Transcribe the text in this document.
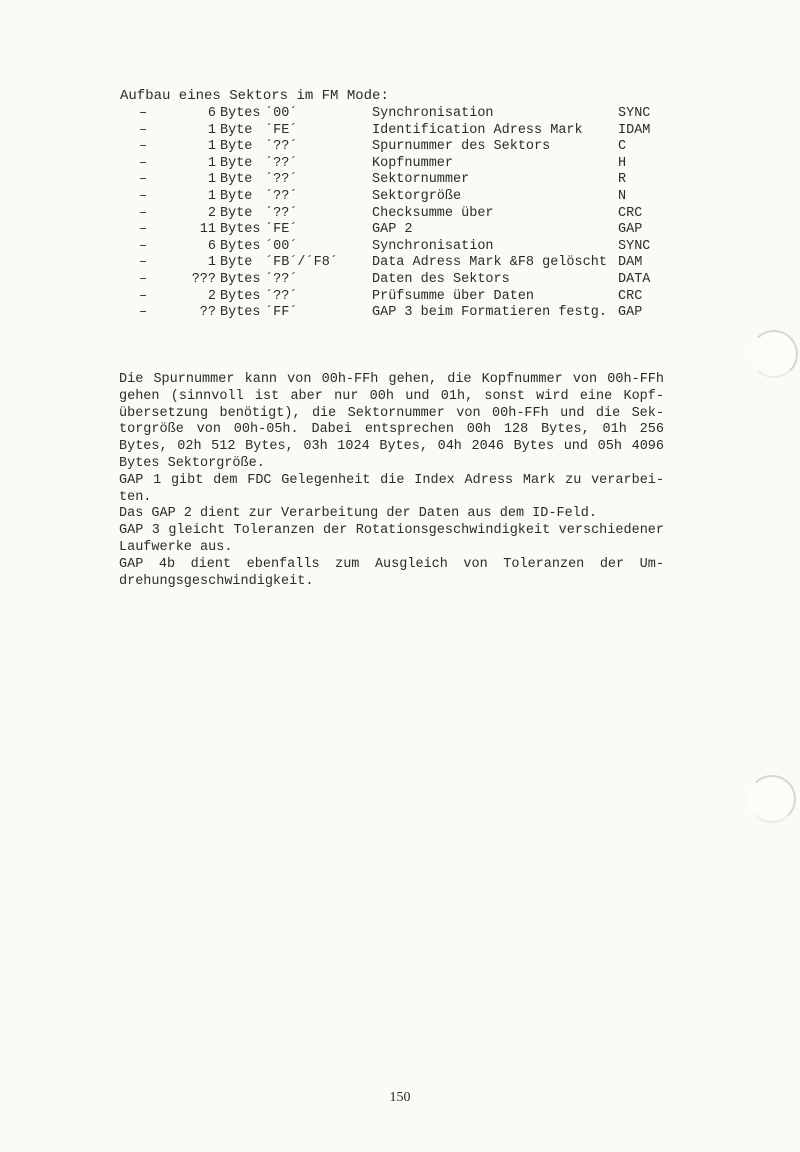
Aufbau eines Sektors im FM Mode:
–	6	Bytes	´00´	Synchronisation	SYNC
–	1	Byte	´FE´	Identification Adress Mark	IDAM
–	1	Byte	´??´	Spurnummer des Sektors	C
–	1	Byte	´??´	Kopfnummer	H
–	1	Byte	´??´	Sektornummer	R
–	1	Byte	´??´	Sektorgröße	N
–	2	Byte	´??´	Checksumme über	CRC
–	11	Bytes	´FE´	GAP 2	GAP
–	6	Bytes	´00´	Synchronisation	SYNC
–	1	Byte	´FB´/´F8´	Data Adress Mark &F8 gelöscht	DAM
–	???	Bytes	´??´	Daten des Sektors	DATA
–	2	Bytes	´??´	Prüfsumme über Daten	CRC
–	??	Bytes	´FF´	GAP 3 beim Formatieren festg.	GAP

Die Spurnummer kann von 00h-FFh gehen, die Kopfnummer von 00h-FFh gehen (sinnvoll ist aber nur 00h und 01h, sonst wird eine Kopfübersetzung benötigt), die Sektornummer von 00h-FFh und die Sektorgröße von 00h-05h. Dabei entsprechen 00h 128 Bytes, 01h 256 Bytes, 02h 512 Bytes, 03h 1024 Bytes, 04h 2046 Bytes und 05h 4096 Bytes Sektorgröße.

GAP 1 gibt dem FDC Gelegenheit die Index Adress Mark zu verarbeiten.

Das GAP 2 dient zur Verarbeitung der Daten aus dem ID-Feld.

GAP 3 gleicht Toleranzen der Rotationsgeschwindigkeit verschiedener Laufwerke aus.

GAP 4b dient ebenfalls zum Ausgleich von Toleranzen der Umdrehungsgeschwindigkeit.

150
